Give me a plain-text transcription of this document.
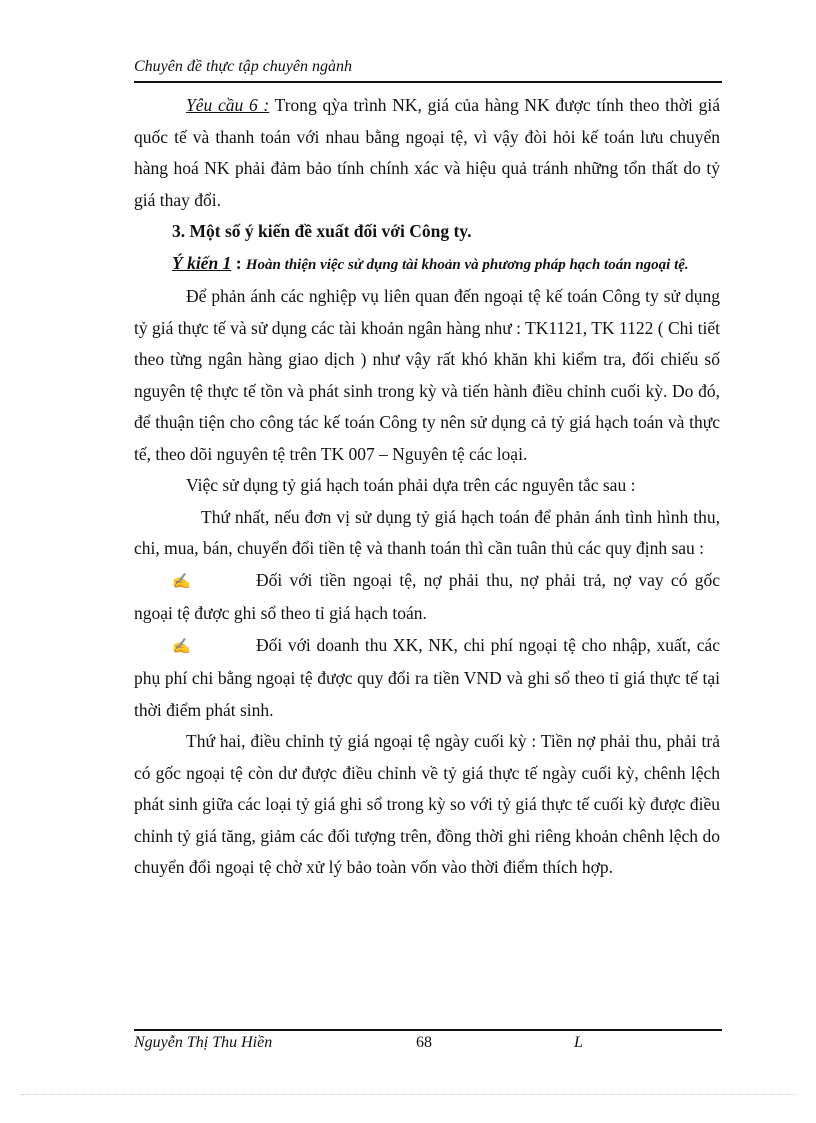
Chuyên đề thực tập chuyên ngành

Yêu cầu 6 : Trong qỳa trình NK, giá của hàng NK được tính theo thời giá quốc tế và thanh toán với nhau bằng ngoại tệ, vì vậy đòi hỏi kế toán lưu chuyển hàng hoá NK phải đảm bảo tính chính xác và hiệu quả tránh những tổn thất do tỷ giá thay đổi.

3. Một số ý kiến đề xuất đối với Công ty.

Ý kiến 1 : Hoàn thiện việc sử dụng tài khoản và phương pháp hạch toán ngoại tệ.

Để phản ánh các nghiệp vụ liên quan đến ngoại tệ kế toán Công ty sử dụng tỷ giá thực tế và sử dụng các tài khoản ngân hàng như : TK1121, TK 1122 ( Chi tiết theo từng ngân hàng giao dịch ) như vậy rất khó khăn khi kiểm tra, đối chiếu số nguyên tệ thực tế tồn và phát sinh trong kỳ và tiến hành điều chỉnh cuối kỳ. Do đó, để thuận tiện cho công tác kế toán Công ty nên sử dụng cả tỷ giá hạch toán và thực tế, theo dõi nguyên tệ trên TK 007 – Nguyên tệ các loại.

Việc sử dụng tỷ giá hạch toán phải dựa trên các nguyên tắc sau :

Thứ nhất, nếu đơn vị sử dụng tỷ giá hạch toán để phản ánh tình hình thu, chi, mua, bán, chuyển đổi tiền tệ và thanh toán thì cần tuân thủ các quy định sau :

✍	Đối với tiền ngoại tệ, nợ phải thu, nợ phải trả, nợ vay có gốc ngoại tệ được ghi sổ theo tỉ giá hạch toán.
✍	Đối với doanh thu XK, NK, chi phí ngoại tệ cho nhập, xuất, các phụ phí chi bằng ngoại tệ được quy đổi ra tiền VND và ghi sổ theo tỉ giá thực tế tại thời điểm phát sinh.

Thứ hai, điều chỉnh tỷ giá ngoại tệ ngày cuối kỳ : Tiền nợ phải thu, phải trả có gốc ngoại tệ còn dư được điều chỉnh về tỷ giá thực tế ngày cuối kỳ, chênh lệch phát sinh giữa các loại tỷ giá ghi sổ trong kỳ so với tỷ giá thực tế cuối kỳ được điều chỉnh tỷ giá tăng, giảm các đối tượng trên, đồng thời ghi riêng khoản chênh lệch do chuyển đổi ngoại tệ chờ xử lý bảo toàn vốn vào thời điểm thích hợp.

Nguyễn Thị Thu Hiền	68	L
